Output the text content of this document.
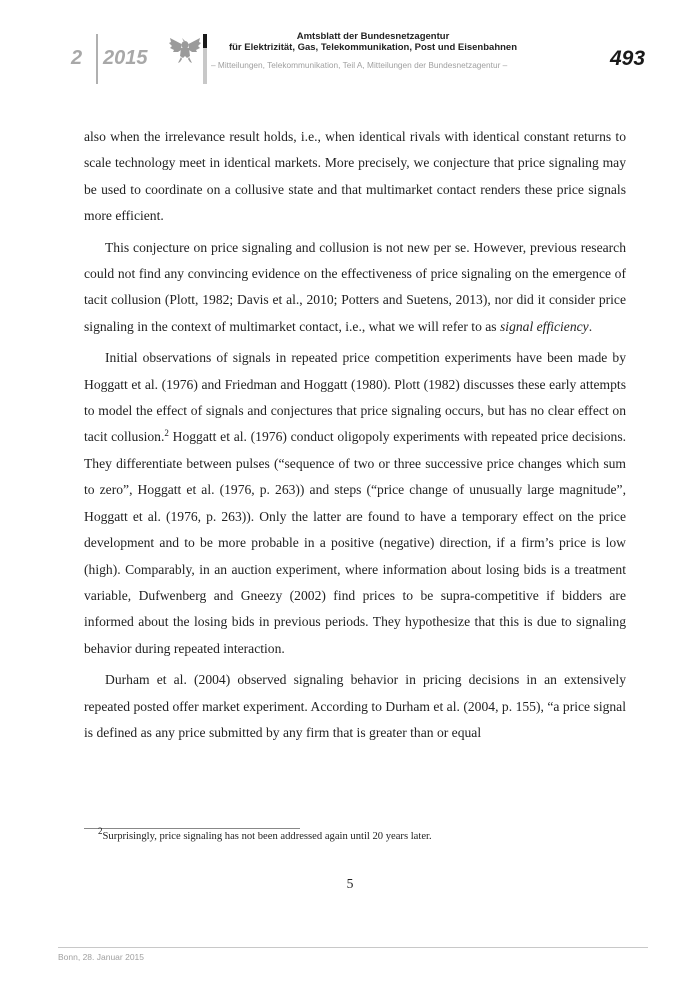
2 2015
Amtsblatt der Bundesnetzagentur
für Elektrizität, Gas, Telekommunikation, Post und Eisenbahnen
– Mitteilungen, Telekommunikation, Teil A, Mitteilungen der Bundesnetzagentur –	493

also when the irrelevance result holds, i.e., when identical rivals with identical constant returns to scale technology meet in identical markets. More precisely, we conjecture that price signaling may be used to coordinate on a collusive state and that multimarket contact renders these price signals more efficient.

This conjecture on price signaling and collusion is not new per se. However, previous research could not find any convincing evidence on the effectiveness of price signaling on the emergence of tacit collusion (Plott, 1982; Davis et al., 2010; Potters and Suetens, 2013), nor did it consider price signaling in the context of multimarket contact, i.e., what we will refer to as signal efficiency.

Initial observations of signals in repeated price competition experiments have been made by Hoggatt et al. (1976) and Friedman and Hoggatt (1980). Plott (1982) discusses these early attempts to model the effect of signals and conjectures that price signaling occurs, but has no clear effect on tacit collusion.$^2$ Hoggatt et al. (1976) conduct oligopoly experiments with repeated price decisions. They differentiate between pulses (“sequence of two or three successive price changes which sum to zero”, Hoggatt et al. (1976, p. 263)) and steps (“price change of unusually large magnitude”, Hoggatt et al. (1976, p. 263)). Only the latter are found to have a temporary effect on the price development and to be more probable in a positive (negative) direction, if a firm’s price is low (high). Comparably, in an auction experiment, where information about losing bids is a treatment variable, Dufwenberg and Gneezy (2002) find prices to be supra-competitive if bidders are informed about the losing bids in previous periods. They hypothesize that this is due to signaling behavior during repeated interaction.

Durham et al. (2004) observed signaling behavior in pricing decisions in an extensively repeated posted offer market experiment. According to Durham et al. (2004, p. 155), “a price signal is defined as any price submitted by any firm that is greater than or equal

$^2$Surprisingly, price signaling has not been addressed again until 20 years later.
5
Bonn, 28. Januar 2015
